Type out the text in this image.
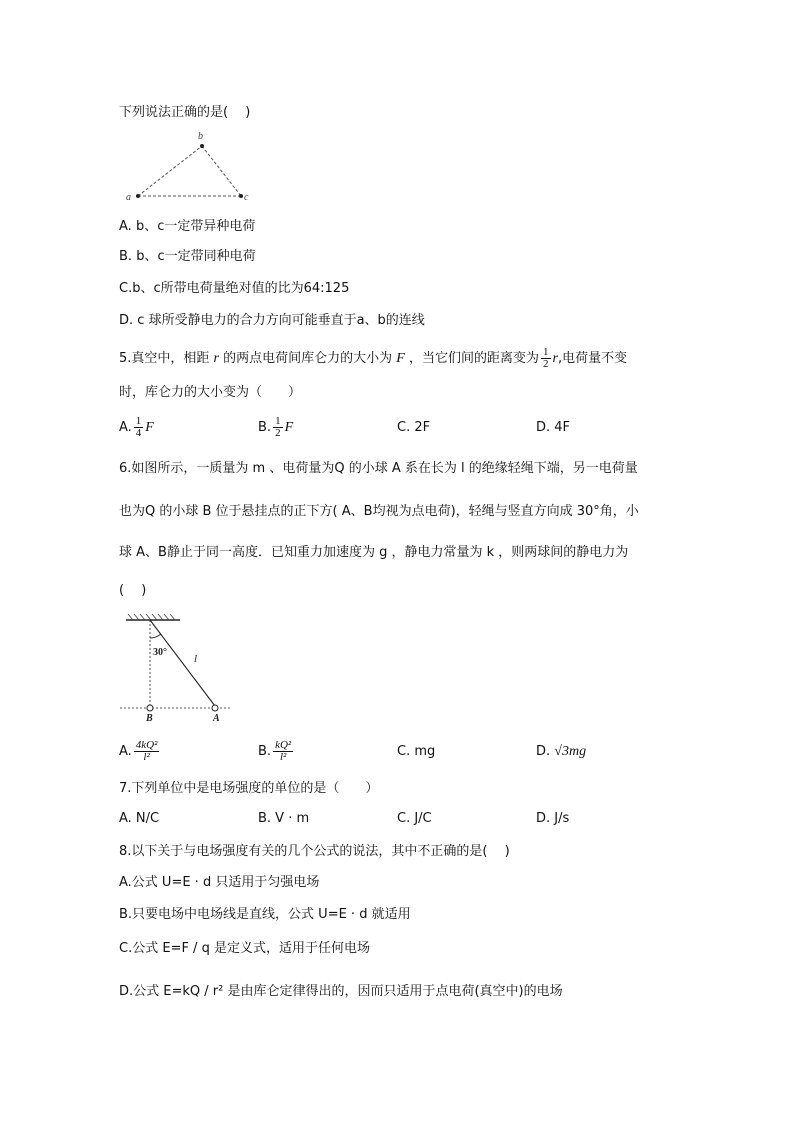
下列说法正确的是(　 )
a
b
c
A. b、c一定带异种电荷
B. b、c一定带同种电荷
C.b、c所带电荷量绝对值的比为64:125
D. c 球所受静电力的合力方向可能垂直于a、b的连线
5.真空中，相距 r 的两点电荷间库仑力的大小为 F ，当它们间的距离变为 $\frac{1}{2} r$,电荷量不变
时，库仑力的大小变为（　　）
A. $\frac{1}{4}$ F	B. $\frac{1}{2}$ F	C. 2F	D. 4F
6.如图所示，一质量为 m 、电荷量为Q 的小球 A 系在长为 l 的绝缘轻绳下端，另一电荷量
也为Q 的小球 B 位于悬挂点的正下方( A、B均视为点电荷)，轻绳与竖直方向成 30°角，小
球 A、B静止于同一高度．已知重力加速度为 g ，静电力常量为 k ，则两球间的静电力为
(　 )
30°
l
B	A
A. $\frac{\text{4kQ²}}{\text{l²}}$	B. $\frac{\text{kQ²}}{\text{l²}}$	C. mg	D. √3mg
7.下列单位中是电场强度的单位的是（　　）
A. N/C	B. V · m	C. J/C	D. J/s
8.以下关于与电场强度有关的几个公式的说法，其中不正确的是(　 )
A.公式 U=E · d 只适用于匀强电场
B.只要电场中电场线是直线，公式 U=E · d 就适用
C.公式 E=F / q 是定义式，适用于任何电场
D.公式 E=kQ / r² 是由库仑定律得出的，因而只适用于点电荷(真空中)的电场
